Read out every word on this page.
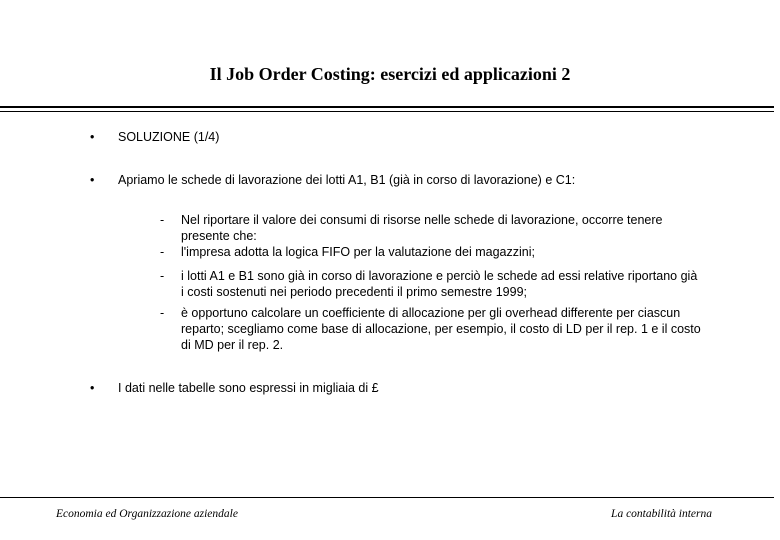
Il Job Order Costing: esercizi ed applicazioni 2
• SOLUZIONE (1/4)
• Apriamo le schede di lavorazione dei lotti A1, B1 (già in corso di lavorazione) e C1:
- Nel riportare il valore dei consumi di risorse nelle schede di lavorazione, occorre tenere presente che:
- l'impresa adotta la logica FIFO per la valutazione dei magazzini;
- i lotti A1 e B1 sono già in corso di lavorazione e perciò le schede ad essi relative riportano già i costi sostenuti nei periodo precedenti il primo semestre 1999;
- è opportuno calcolare un coefficiente di allocazione per gli overhead differente per ciascun reparto; scegliamo come base di allocazione, per esempio, il costo di LD per il rep. 1 e il costo di MD per il rep. 2.
• I dati nelle tabelle sono espressi in migliaia di £
Economia ed Organizzazione aziendale	La contabilità interna
